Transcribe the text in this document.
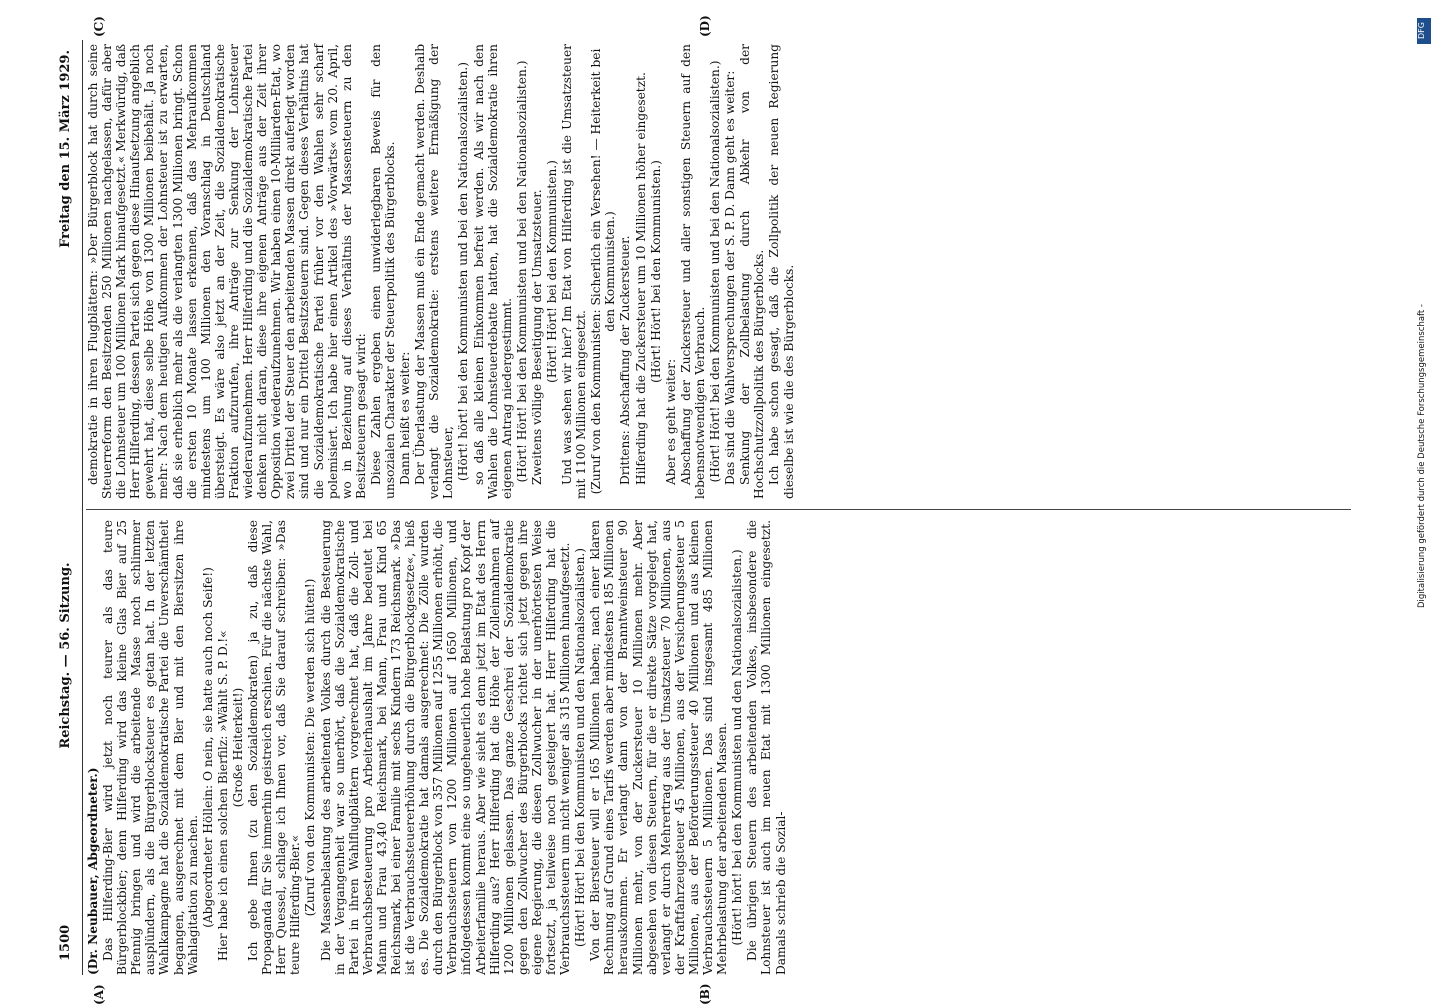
1500
Reichstag. — 56. Sitzung.
Freitag den 15. März 1929.
(A)	(B)
(C)	(D)

(Dr. Neubauer, Abgeordneter.) Das Hilferding-Bier wird jetzt noch teurer als das teure Bürgerblockbier; denn Hilferding wird das kleine Glas Bier auf 25 Pfennig bringen und wird die arbeitende Masse noch schlimmer ausplündern, als die Bürgerblocksteuer es getan hat. In der letzten Wahlkampagne hat die Sozialdemokratische Partei die Unverschämtheit begangen, ausgerechnet mit dem Bier und mit den Biersitzen ihre Wahlagitation zu machen. (Abgeordneter Höllein: O nein, sie hatte auch noch Seife!) Hier habe ich einen solchen Bierfilz: »Wählt S. P. D.!« (Große Heiterkeit!) Ich gebe Ihnen (zu den Sozialdemokraten) ja zu, daß diese Propaganda für Sie immerhin geistreich erschien. Für die nächste Wahl, Herr Quessel, schlage ich Ihnen vor, daß Sie darauf schreiben: »Das teure Hilferding-Bier.« (Zuruf von den Kommunisten: Die werden sich hüten!) Die Massenbelastung des arbeitenden Volkes durch die Besteuerung in der Vergangenheit war so unerhört, daß die Sozialdemokratische Partei in ihren Wahlflugblättern vorgerechnet hat, daß die Zoll- und Verbrauchsbesteuerung pro Arbeiterhaushalt im Jahre bedeutet bei Mann und Frau 43,40 Reichsmark, bei Mann, Frau und Kind 65 Reichsmark, bei einer Familie mit sechs Kindern 173 Reichsmark. »Das ist die Verbrauchssteuererhöhung durch die Bürgerblockgesetze«, hieß es. Die Sozialdemokratie hat damals ausgerechnet: Die Zölle wurden durch den Bürgerblock von 357 Millionen auf 1255 Millionen erhöht, die Verbrauchssteuern von 1200 Millionen auf 1650 Millionen, und infolgedessen kommt eine so ungeheuerlich hohe Belastung pro Kopf der Arbeiterfamilie heraus. Aber wie sieht es denn jetzt im Etat des Herrn Hilferding aus? Herr Hilferding hat die Höhe der Zolleinnahmen auf 1200 Millionen gelassen. Das ganze Geschrei der Sozialdemokratie gegen den Zollwucher des Bürgerblocks richtet sich jetzt gegen ihre eigene Regierung, die diesen Zollwucher in der unerhörtesten Weise fortsetzt, ja teilweise noch gesteigert hat. Herr Hilferding hat die Verbrauchssteuern um nicht weniger als 315 Millionen hinaufgesetzt. (Hört! Hört! bei den Kommunisten und den Nationalsozialisten.) Von der Biersteuer will er 165 Millionen haben; nach einer klaren Rechnung auf Grund eines Tarifs werden aber mindestens 185 Millionen herauskommen. Er verlangt dann von der Branntweinsteuer 90 Millionen mehr, von der Zuckersteuer 10 Millionen mehr. Aber abgesehen von diesen Steuern, für die er direkte Sätze vorgelegt hat, verlangt er durch Mehrertrag aus der Umsatzsteuer 70 Millionen, aus der Kraftfahrzeugsteuer 45 Millionen, aus der Versicherungssteuer 5 Millionen, aus der Beförderungssteuer 40 Millionen und aus kleinen Verbrauchssteuern 5 Millionen. Das sind insgesamt 485 Millionen Mehrbelastung der arbeitenden Massen. (Hört! hört! bei den Kommunisten und den Nationalsozialisten.) Die übrigen Steuern des arbeitenden Volkes, insbesondere die Lohnsteuer ist auch im neuen Etat mit 1300 Millionen eingesetzt. Damals schrieb die Sozial-

demokratie in ihren Flugblättern: »Der Bürgerblock hat durch seine Steuerreform den Besitzenden 250 Millionen nachgelassen, dafür aber die Lohnsteuer um 100 Millionen Mark hinaufgesetzt.« Merkwürdig, daß Herr Hilferding, dessen Partei sich gegen diese Hinaufsetzung angeblich gewehrt hat, diese selbe Höhe von 1300 Millionen beibehält. Ja noch mehr: Nach dem heutigen Aufkommen der Lohnsteuer ist zu erwarten, daß sie erheblich mehr als die verlangten 1300 Millionen bringt. Schon die ersten 10 Monate lassen erkennen, daß das Mehraufkommen mindestens um 100 Millionen den Voranschlag in Deutschland übersteigt. Es wäre also jetzt an der Zeit, die Sozialdemokratische Fraktion aufzurufen, ihre Anträge zur Senkung der Lohnsteuer wiederaufzunehmen. Herr Hilferding und die Sozialdemokratische Partei denken nicht daran, diese ihre eigenen Anträge aus der Zeit ihrer Opposition wiederaufzunehmen. Wir haben einen 10-Milliarden-Etat, wo zwei Drittel der Steuer den arbeitenden Massen direkt auferlegt worden sind und nur ein Drittel Besitzsteuern sind. Gegen dieses Verhältnis hat die Sozialdemokratische Partei früher vor den Wahlen sehr scharf polemisiert. Ich habe hier einen Artikel des »Vorwärts« vom 20. April, wo in Beziehung auf dieses Verhältnis der Massensteuern zu den Besitzsteuern gesagt wird: Diese Zahlen ergeben einen unwiderlegbaren Beweis für den unsozialen Charakter der Steuerpolitik des Bürgerblocks. Dann heißt es weiter: Der Überlastung der Massen muß ein Ende gemacht werden. Deshalb verlangt die Sozialdemokratie: erstens weitere Ermäßigung der Lohnsteuer, (Hört! hört! bei den Kommunisten und bei den Nationalsozialisten.) so daß alle kleinen Einkommen befreit werden. Als wir nach den Wahlen die Lohnsteuerdebatte hatten, hat die Sozialdemokratie ihren eigenen Antrag niedergestimmt. (Hört! Hört! bei den Kommunisten und bei den Nationalsozialisten.) Zweitens völlige Beseitigung der Umsatzsteuer. (Hört! Hört! bei den Kommunisten.) Und was sehen wir hier? Im Etat von Hilferding ist die Umsatzsteuer mit 1100 Millionen eingesetzt. (Zuruf von den Kommunisten: Sicherlich ein Versehen! — Heiterkeit bei den Kommunisten.) Drittens: Abschaffung der Zuckersteuer. Hilferding hat die Zuckersteuer um 10 Millionen höher eingesetzt. (Hört! Hört! bei den Kommunisten.)

Aber es geht weiter: Abschaffung der Zuckersteuer und aller sonstigen Steuern auf den lebensnotwendigen Verbrauch. (Hört! Hört! bei den Kommunisten und bei den Nationalsozialisten.) Das sind die Wahlversprechungen der S. P. D. Dann geht es weiter: Senkung der Zollbelastung durch Abkehr von der Hochschutzzollpolitik des Bürgerblocks. Ich habe schon gesagt, daß die Zollpolitik der neuen Regierung dieselbe ist wie die des Bürgerblocks.

DFG
Digitalisierung gefördert durch die Deutsche Forschungsgemeinschaft -
